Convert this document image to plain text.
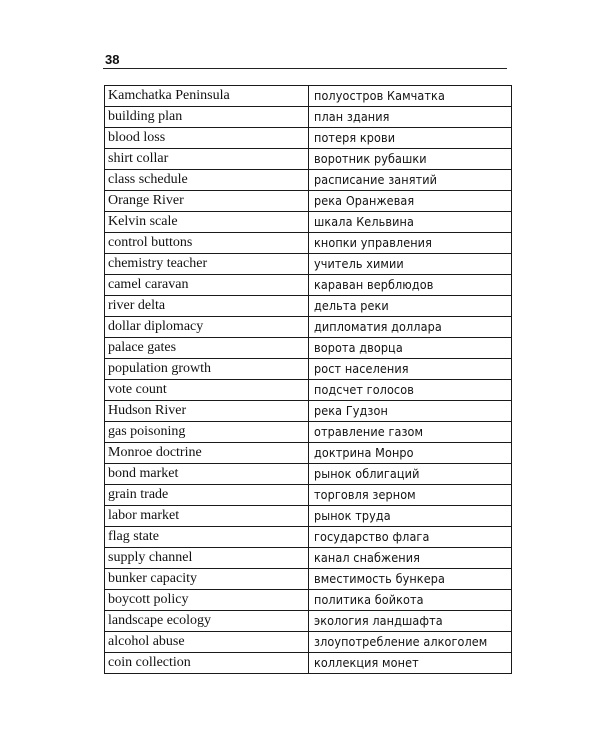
38
Kamchatka Peninsula	полуостров Камчатка
building plan	план здания
blood loss	потеря крови
shirt collar	воротник рубашки
class schedule	расписание занятий
Orange River	река Оранжевая
Kelvin scale	шкала Кельвина
control buttons	кнопки управления
chemistry teacher	учитель химии
camel caravan	караван верблюдов
river delta	дельта реки
dollar diplomacy	дипломатия доллара
palace gates	ворота дворца
population growth	рост населения
vote count	подсчет голосов
Hudson River	река Гудзон
gas poisoning	отравление газом
Monroe doctrine	доктрина Монро
bond market	рынок облигаций
grain trade	торговля зерном
labor market	рынок труда
flag state	государство флага
supply channel	канал снабжения
bunker capacity	вместимость бункера
boycott policy	политика бойкота
landscape ecology	экология ландшафта
alcohol abuse	злоупотребление алкоголем
coin collection	коллекция монет
